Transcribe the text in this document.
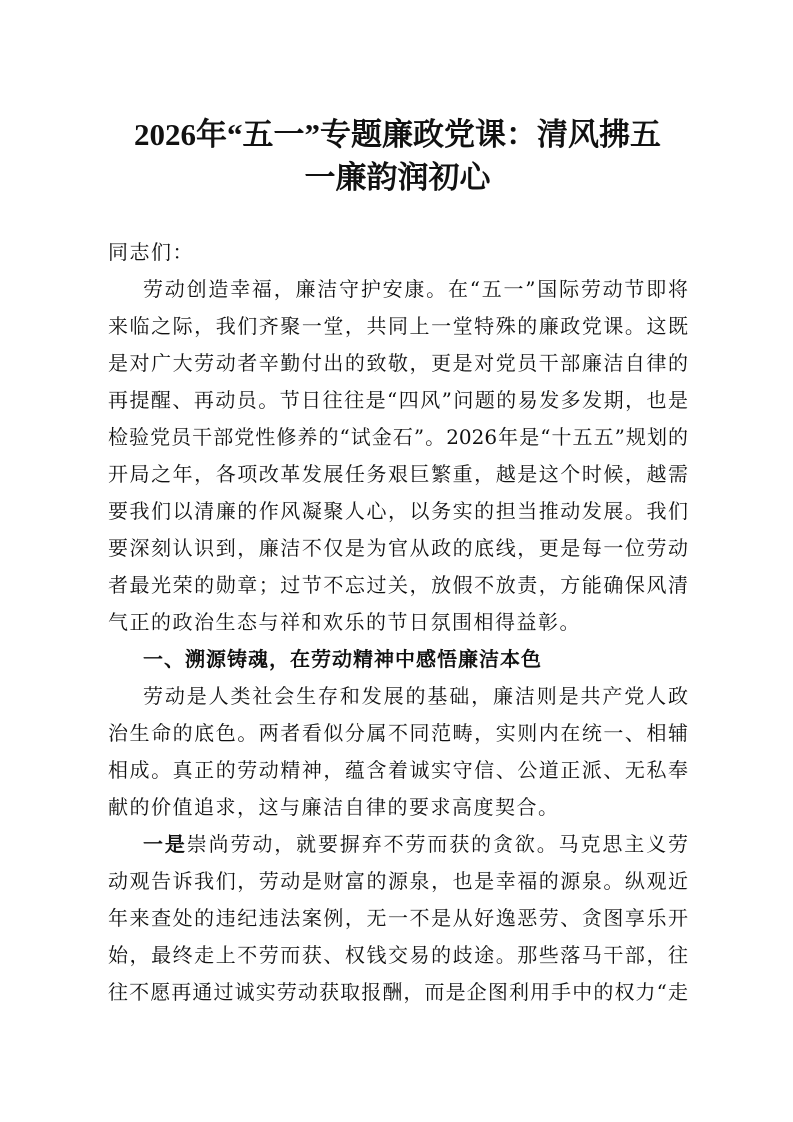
2026年“五一”专题廉政党课：清风拂五
一廉韵润初心
同志们：
劳动创造幸福，廉洁守护安康。在“五一”国际劳动节即将
来临之际，我们齐聚一堂，共同上一堂特殊的廉政党课。这既
是对广大劳动者辛勤付出的致敬，更是对党员干部廉洁自律的
再提醒、再动员。节日往往是“四风”问题的易发多发期，也是
检验党员干部党性修养的“试金石”。2026年是“十五五”规划的
开局之年，各项改革发展任务艰巨繁重，越是这个时候，越需
要我们以清廉的作风凝聚人心，以务实的担当推动发展。我们
要深刻认识到，廉洁不仅是为官从政的底线，更是每一位劳动
者最光荣的勋章；过节不忘过关，放假不放责，方能确保风清
气正的政治生态与祥和欢乐的节日氛围相得益彰。
一、溯源铸魂，在劳动精神中感悟廉洁本色
劳动是人类社会生存和发展的基础，廉洁则是共产党人政
治生命的底色。两者看似分属不同范畴，实则内在统一、相辅
相成。真正的劳动精神，蕴含着诚实守信、公道正派、无私奉
献的价值追求，这与廉洁自律的要求高度契合。
一是崇尚劳动，就要摒弃不劳而获的贪欲。马克思主义劳
动观告诉我们，劳动是财富的源泉，也是幸福的源泉。纵观近
年来查处的违纪违法案例，无一不是从好逸恶劳、贪图享乐开
始，最终走上不劳而获、权钱交易的歧途。那些落马干部，往
往不愿再通过诚实劳动获取报酬，而是企图利用手中的权力“走
